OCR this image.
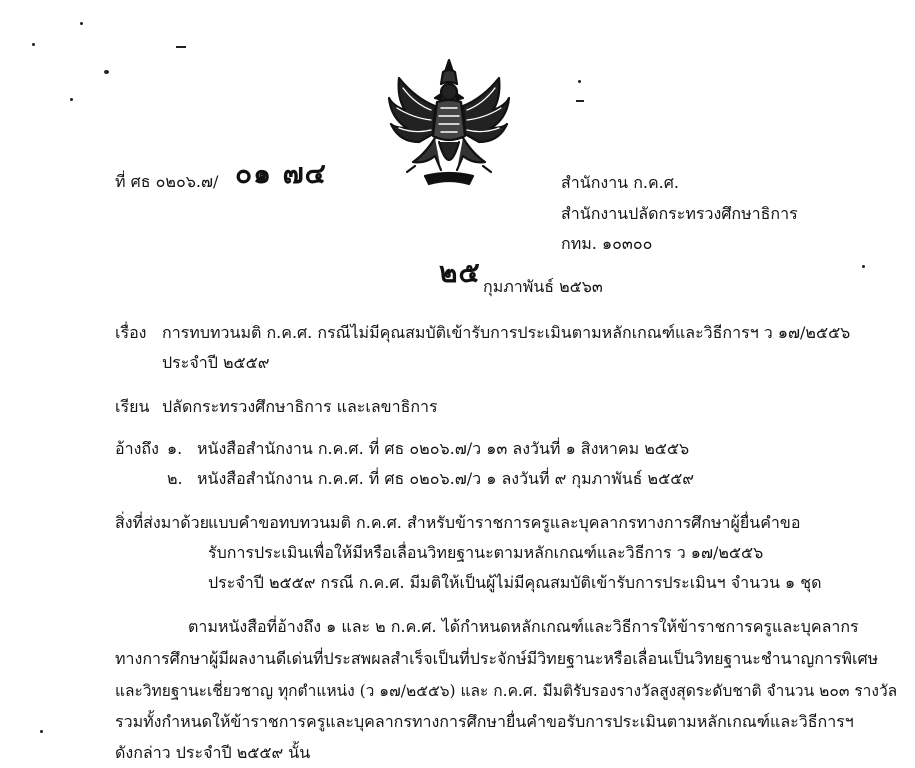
ที่ ศธ ๐๒๐๖.๗/ ๐๑ ๗๔	สำนักงาน ก.ค.ศ.
สำนักงานปลัดกระทรวงศึกษาธิการ
กทม. ๑๐๓๐๐
๒๕ กุมภาพันธ์ ๒๕๖๓
เรื่อง การทบทวนมติ ก.ค.ศ. กรณีไม่มีคุณสมบัติเข้ารับการประเมินตามหลักเกณฑ์และวิธีการฯ ว ๑๗/๒๕๕๖
ประจำปี ๒๕๕๙
เรียน ปลัดกระทรวงศึกษาธิการ และเลขาธิการ
อ้างถึง ๑. หนังสือสำนักงาน ก.ค.ศ. ที่ ศธ ๐๒๐๖.๗/ว ๑๓ ลงวันที่ ๑ สิงหาคม ๒๕๕๖
๒. หนังสือสำนักงาน ก.ค.ศ. ที่ ศธ ๐๒๐๖.๗/ว ๑ ลงวันที่ ๙ กุมภาพันธ์ ๒๕๕๙
สิ่งที่ส่งมาด้วย แบบคำขอทบทวนมติ ก.ค.ศ. สำหรับข้าราชการครูและบุคลากรทางการศึกษาผู้ยื่นคำขอ
รับการประเมินเพื่อให้มีหรือเลื่อนวิทยฐานะตามหลักเกณฑ์และวิธีการ ว ๑๗/๒๕๕๖
ประจำปี ๒๕๕๙ กรณี ก.ค.ศ. มีมติให้เป็นผู้ไม่มีคุณสมบัติเข้ารับการประเมินฯ จำนวน ๑ ชุด
ตามหนังสือที่อ้างถึง ๑ และ ๒ ก.ค.ศ. ได้กำหนดหลักเกณฑ์และวิธีการให้ข้าราชการครูและบุคลากร
ทางการศึกษาผู้มีผลงานดีเด่นที่ประสพผลสำเร็จเป็นที่ประจักษ์มีวิทยฐานะหรือเลื่อนเป็นวิทยฐานะชำนาญการพิเศษ
และวิทยฐานะเชี่ยวชาญ ทุกตำแหน่ง (ว ๑๗/๒๕๕๖) และ ก.ค.ศ. มีมติรับรองรางวัลสูงสุดระดับชาติ จำนวน ๒๐๓ รางวัล
รวมทั้งกำหนดให้ข้าราชการครูและบุคลากรทางการศึกษายื่นคำขอรับการประเมินตามหลักเกณฑ์และวิธีการฯ
ดังกล่าว ประจำปี ๒๕๕๙ นั้น
